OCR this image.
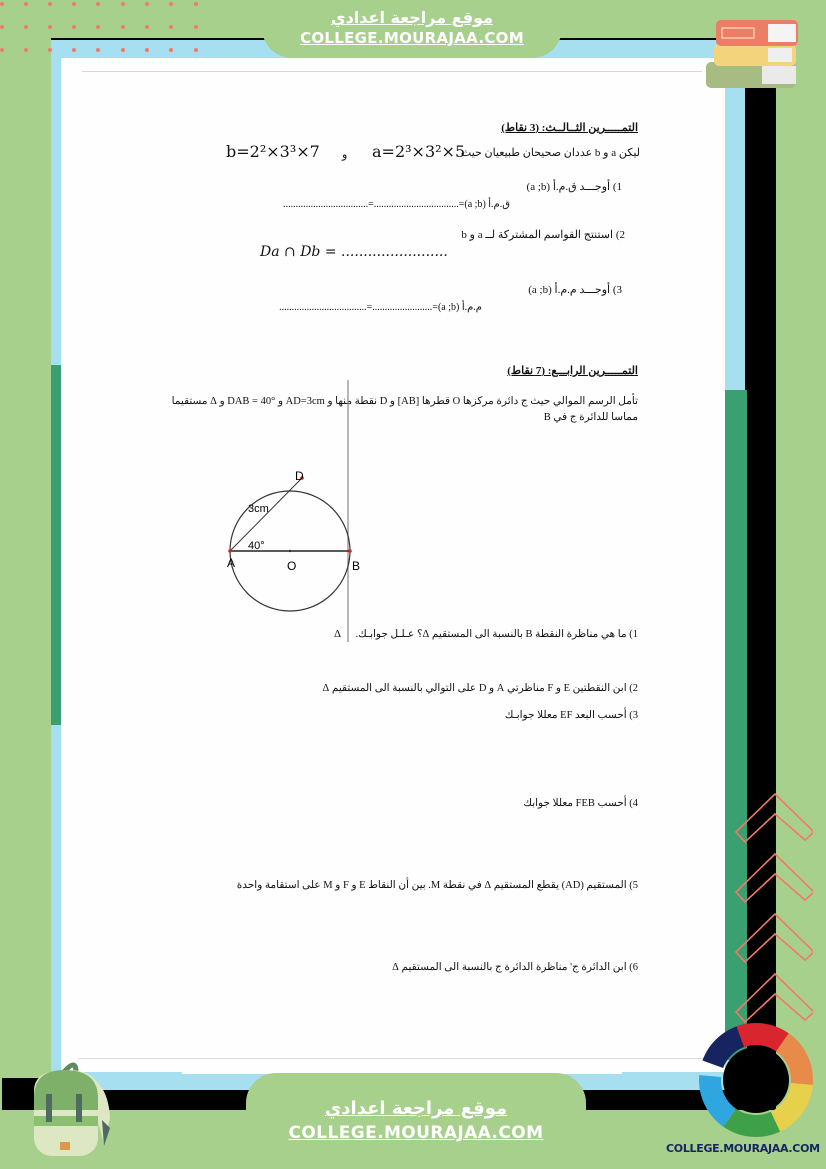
موقع مراجعة اعدادي
COLLEGE.MOURAJAA.COM
التمـــــرين الثــالــث: (3 نقاط)
ليكن a و b عددان صحيحان طبيعيان حيث
a=2³×3²×5
و
b=2²×3³×7
1) أوجـــد ق.م.أ (a ;b)
ق.م.أ (a ;b)=..................................=..................................
2) استنتج القواسم المشتركة لــ a و b
Da ∩ Db = ........................
3) أوجـــد م.م.أ (a ;b)
م.م.أ (a ;b)=........................=...................................
التمـــــرين الرابـــع: (7 نقاط)
تأمل الرسم الموالي حيث ج دائرة مركزها O قطرها [AB] و D نقطة منها و AD=3cm و DAB = 40° و Δ مستقيما
مماسا للدائرة ج في B
D
3cm
40°
A	O	B
Δ 1) ما هي مناظرة النقطة B بالنسبة الى المستقيم Δ؟ عـلـل جوابـك.
2) ابن النقطتين E و F مناظرتي A و D على التوالي بالنسبة الى المستقيم Δ
3) أحسب البعد EF معللا جوابـك
4) أحسب FEB معللا جوابك
5) المستقيم (AD) يقطع المستقيم Δ في نقطة M. بين أن النقاط E و F و M على استقامة واحدة
6) ابن الدائرة ج' مناظرة الدائرة ج بالنسبة الى المستقيم Δ
موقع مراجعة اعدادي
COLLEGE.MOURAJAA.COM
COLLEGE.MOURAJAA.COM
